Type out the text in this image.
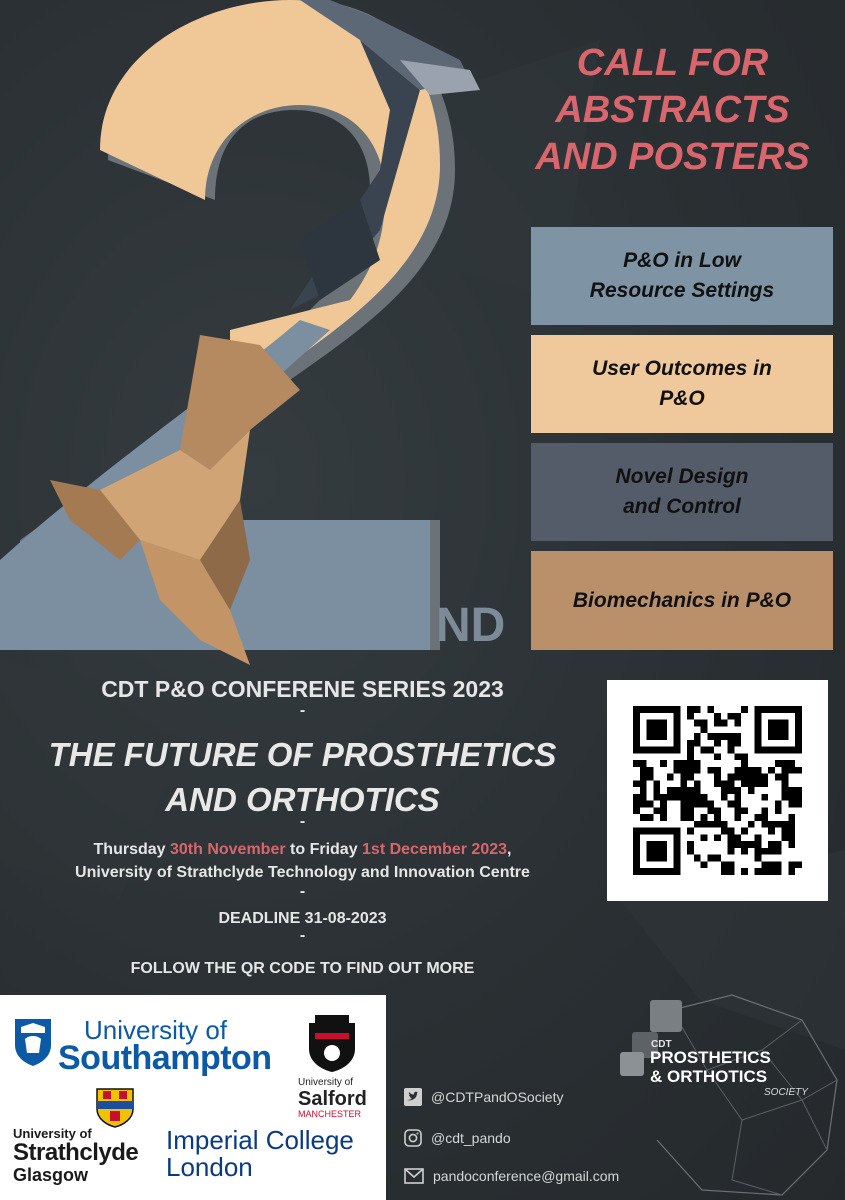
CALL FOR
ABSTRACTS
AND POSTERS
P&O in Low
Resource Settings
User Outcomes in
P&O
Novel Design
and Control
Biomechanics in P&O
ND
CDT P&O CONFERENE SERIES 2023
-
THE FUTURE OF PROSTHETICS
AND ORTHOTICS
-
Thursday 30th November to Friday 1st December 2023,
University of Strathclyde Technology and Innovation Centre
-
DEADLINE 31-08-2023
-
FOLLOW THE QR CODE TO FIND OUT MORE
University of
Southampton
University of
Salford
MANCHESTER
University of
Strathclyde
Glasgow
Imperial College
London
@CDTPandOSociety
@cdt_pando
pandoconference@gmail.com
CDT
PROSTHETICS
& ORTHOTICS
SOCIETY
